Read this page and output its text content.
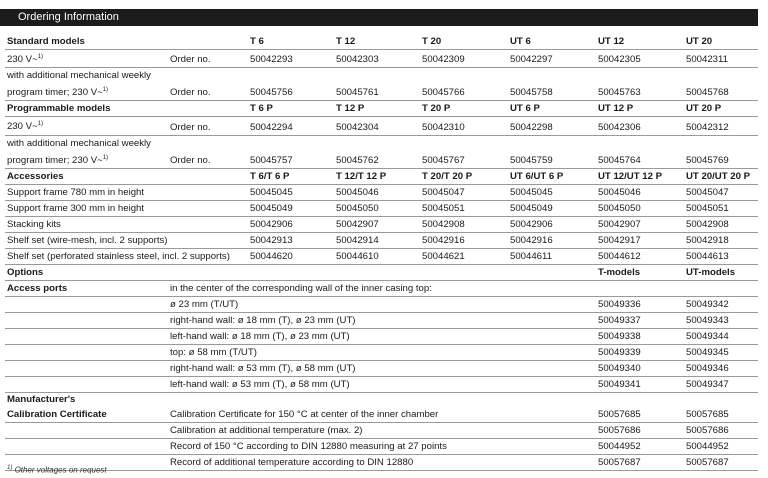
Ordering Information
Standard models		T 6	T 12	T 20	UT 6	UT 12	UT 20
230 V~$^{1)}$	Order no.	50042293	50042303	50042309	50042297	50042305	50042311
with additional mechanical weekly							
program timer; 230 V~$^{1)}$	Order no.	50045756	50045761	50045766	50045758	50045763	50045768
Programmable models		T 6 P	T 12 P	T 20 P	UT 6 P	UT 12 P	UT 20 P
230 V~$^{1)}$	Order no.	50042294	50042304	50042310	50042298	50042306	50042312
with additional mechanical weekly							
program timer; 230 V~$^{1)}$	Order no.	50045757	50045762	50045767	50045759	50045764	50045769
Accessories		T 6/T 6 P	T 12/T 12 P	T 20/T 20 P	UT 6/UT 6 P	UT 12/UT 12 P	UT 20/UT 20 P
Support frame 780 mm in height		50045045	50045046	50045047	50045045	50045046	50045047
Support frame 300 mm in height		50045049	50045050	50045051	50045049	50045050	50045051
Stacking kits		50042906	50042907	50042908	50042906	50042907	50042908
Shelf set (wire-mesh, incl. 2 supports)		50042913	50042914	50042916	50042916	50042917	50042918
Shelf set (perforated stainless steel, incl. 2 supports)		50044620	50044610	50044621	50044611	50044612	50044613
Options						T-models	UT-models
Access ports	in the center of the corresponding wall of the inner casing top:						
	ø 23 mm (T/UT)					50049336	50049342
	right-hand wall: ø 18 mm (T), ø 23 mm (UT)					50049337	50049343
	left-hand wall: ø 18 mm (T), ø 23 mm (UT)					50049338	50049344
	top: ø 58 mm (T/UT)					50049339	50049345
	right-hand wall: ø 53 mm (T), ø 58 mm (UT)					50049340	50049346
	left-hand wall: ø 53 mm (T), ø 58 mm (UT)					50049341	50049347
Manufacturer's							
Calibration Certificate	Calibration Certificate for 150 °C at center of the inner chamber					50057685	50057685
	Calibration at additional temperature (max. 2)					50057686	50057686
	Record of 150 °C according to DIN 12880 measuring at 27 points					50044952	50044952
	Record of additional temperature according to DIN 12880					50057687	50057687
$^{1)}$ Other voltages on request
